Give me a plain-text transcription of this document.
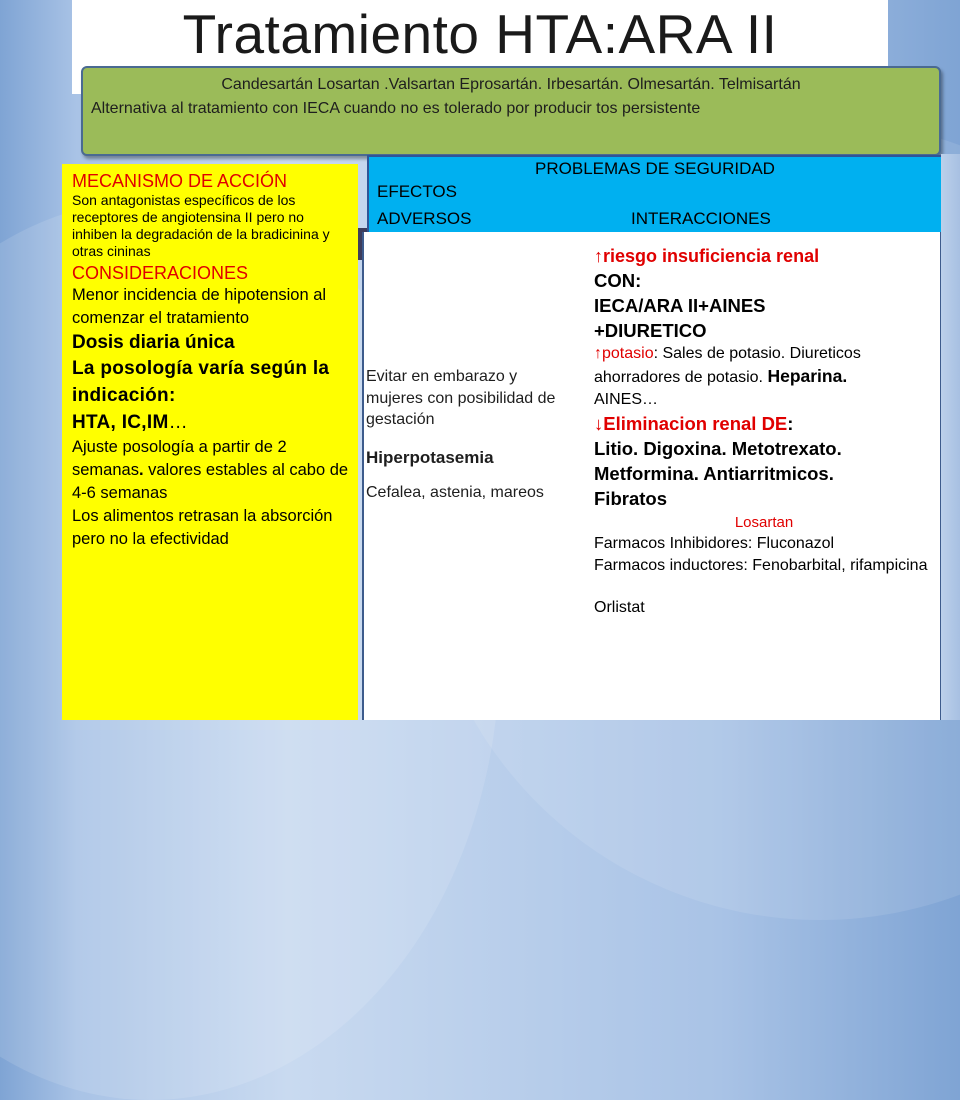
Tratamiento HTA:ARA II
Candesartán Losartan .Valsartan Eprosartán. Irbesartán. Olmesartán. Telmisartán
Alternativa al tratamiento con IECA cuando no es tolerado por producir tos persistente
MECANISMO DE ACCIÓN
Son antagonistas específicos de los receptores de angiotensina II pero no inhiben la degradación de la bradicinina y otras cininas
CONSIDERACIONES
Menor incidencia de hipotension al comenzar el tratamiento
Dosis diaria única
La posología varía según la indicación:
HTA, IC,IM…
Ajuste posología a partir de 2 semanas. valores estables al cabo de 4-6 semanas
Los alimentos retrasan la absorción pero no la efectividad
PROBLEMAS DE SEGURIDAD
EFECTOS
ADVERSOS	INTERACCIONES
Evitar en embarazo y mujeres con posibilidad de gestación
Hiperpotasemia
Cefalea, astenia, mareos
↑riesgo insuficiencia renal
CON:
IECA/ARA II+AINES
+DIURETICO
↑potasio: Sales de potasio. Diureticos ahorradores de potasio. Heparina.
AINES…
↓Eliminacion renal DE:
Litio. Digoxina. Metotrexato.
Metformina. Antiarritmicos.
Fibratos
Losartan
Farmacos Inhibidores: Fluconazol
Farmacos inductores: Fenobarbital, rifampicina
Orlistat
